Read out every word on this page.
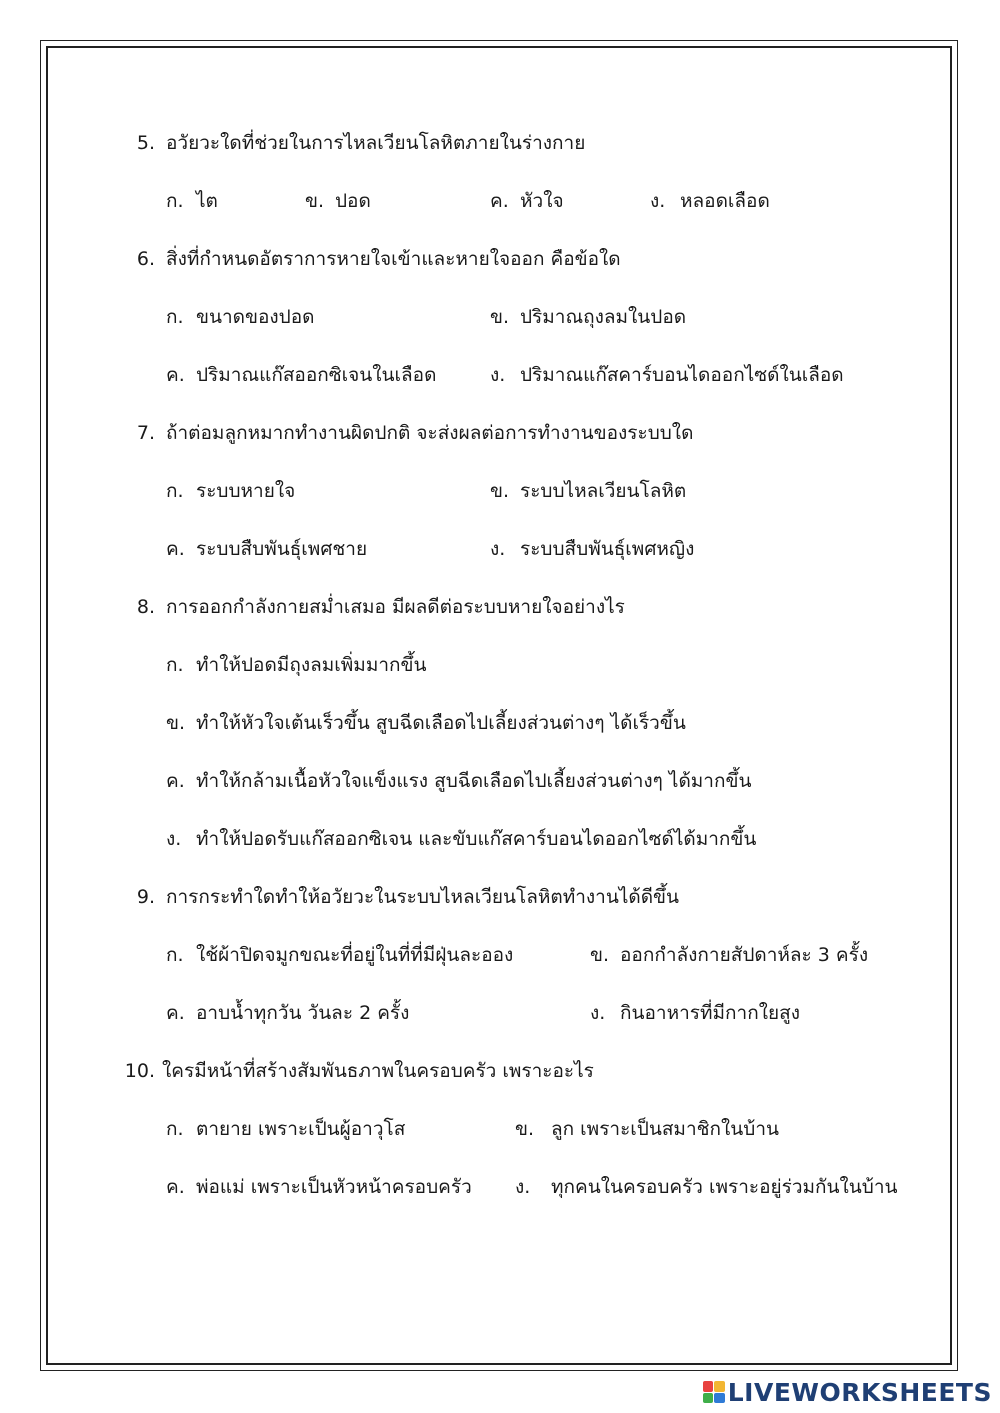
5. อวัยวะใดที่ช่วยในการไหลเวียนโลหิตภายในร่างกาย
ก. ไต	ข. ปอด	ค. หัวใจ	ง. หลอดเลือด
6. สิ่งที่กำหนดอัตราการหายใจเข้าและหายใจออก คือข้อใด
ก. ขนาดของปอด	ข. ปริมาณถุงลมในปอด
ค. ปริมาณแก๊สออกซิเจนในเลือด	ง. ปริมาณแก๊สคาร์บอนไดออกไซด์ในเลือด
7. ถ้าต่อมลูกหมากทำงานผิดปกติ จะส่งผลต่อการทำงานของระบบใด
ก. ระบบหายใจ	ข. ระบบไหลเวียนโลหิต
ค. ระบบสืบพันธุ์เพศชาย	ง. ระบบสืบพันธุ์เพศหญิง
8. การออกกำลังกายสม่ำเสมอ มีผลดีต่อระบบหายใจอย่างไร
ก. ทำให้ปอดมีถุงลมเพิ่มมากขึ้น
ข. ทำให้หัวใจเต้นเร็วขึ้น สูบฉีดเลือดไปเลี้ยงส่วนต่างๆ ได้เร็วขึ้น
ค. ทำให้กล้ามเนื้อหัวใจแข็งแรง สูบฉีดเลือดไปเลี้ยงส่วนต่างๆ ได้มากขึ้น
ง. ทำให้ปอดรับแก๊สออกซิเจน และขับแก๊สคาร์บอนไดออกไซด์ได้มากขึ้น
9. การกระทำใดทำให้อวัยวะในระบบไหลเวียนโลหิตทำงานได้ดีขึ้น
ก. ใช้ผ้าปิดจมูกขณะที่อยู่ในที่ที่มีฝุ่นละออง	ข. ออกกำลังกายสัปดาห์ละ 3 ครั้ง
ค. อาบน้ำทุกวัน วันละ 2 ครั้ง	ง. กินอาหารที่มีกากใยสูง
10. ใครมีหน้าที่สร้างสัมพันธภาพในครอบครัว เพราะอะไร
ก. ตายาย เพราะเป็นผู้อาวุโส	ข. ลูก เพราะเป็นสมาชิกในบ้าน
ค. พ่อแม่ เพราะเป็นหัวหน้าครอบครัว ง. ทุกคนในครอบครัว เพราะอยู่ร่วมกันในบ้าน
LIVEWORKSHEETS
